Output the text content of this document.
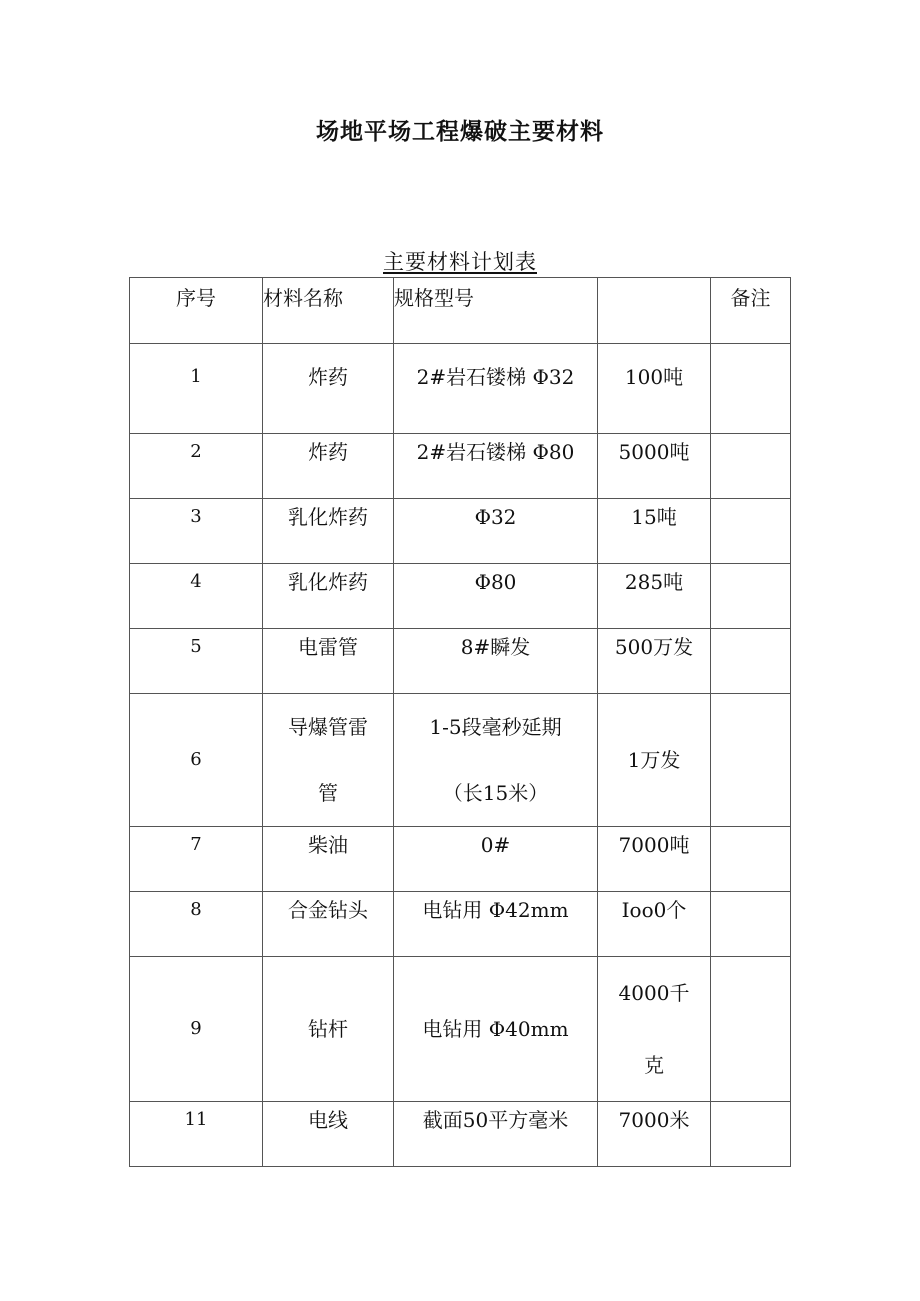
场地平场工程爆破主要材料
主要材料计划表
序号	材料名称	规格型号		备注

1	炸药	2#岩石镂梯 Φ32	100吨	

2	炸药	2#岩石镂梯 Φ80	5000吨	

3	乳化炸药	Φ32	15吨	

4	乳化炸药	Φ80	285吨	

5	电雷管	8#瞬发	500万发	

6	导爆管雷管	1-5段毫秒延期（长15米）	1万发	

7	柴油	0#	7000吨	

8	合金钻头	电钻用 Φ42mm	Ioo0个	

9	钻杆	电钻用 Φ40mm	4000千克	

11	电线	截面50平方毫米	7000米	
